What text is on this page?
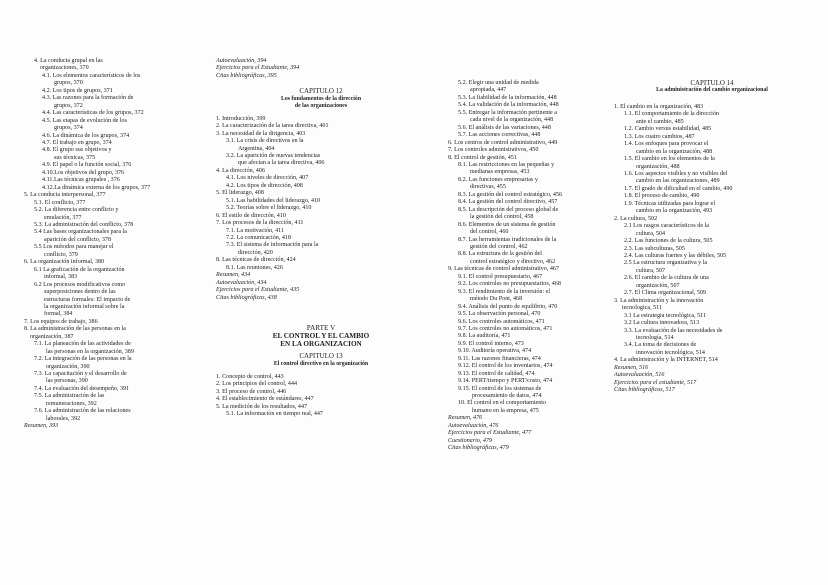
4. La conducta grupal en las
organizaciones, 370
4.1. Los elementos característicos de los
grupos, 370
4.2. Los tipos de grupos, 371
4.3. Las razones para la formación de
grupos, 372
4.4. Las características de los grupos, 372
4.5. Las etapas de evolución de los
grupos, 374
4.6. La dinámica de los grupos, 374
4.7. El trabajo en grupo, 374
4.8. El grupo sus objetivos y
sus técnicas, 375
4.9. El papel o la función social, 376
4.10.Los objetivos del grupo, 376
4.11.Las técnicas grupales , 376
4.12.La dinámica externa de los grupos, 377
5. La conducta interpersonal, 377
5.1. El conflicto, 377
5.2. La diferencia entre conflicto y
emulación, 377
5.3. La administración del conflicto, 378
5.4 Las bases organizacionales para la
aparición del conflicto, 378
5.5 Los métodos para manejar el
conflicto, 379
6. La organización informal, 380
6.1 La graficación de la organización
informal, 383
6.2 Los procesos modificativos como
superposiciones dentro de las
estructuras formales: El impacto de
la organización informal sobre la
formal, 384
7. Los equipos de trabajo, 386
8. La administración de las personas en la
organización, 387
7.1. La planeación de las actividades de
las personas en la organización, 389
7.2. La integración de las personas en la
organización, 390
7.3. La capacitación y el desarrollo de
las personas, 390
7.4. La evaluación del desempeño, 391
7.5. La administración de las
remuneraciones, 392
7.6. La administración de las relaciones
laborales, 392
Resumen, 393
Autoevaluación, 394
Ejercicios para el Estudiante, 394
Citas bibliográficas, 395
CAPITULO 12
Los fundamentos de la dirección
de las organizaciones
1. Introducción, 399
2. La caracterización de la tarea directiva, 401
3. La necesidad de la dirigencia, 403
3.1. La crisis de directivos en la
Argentina, 404
3.2. La aparición de nuevas tendencias
que afectan a la tarea directiva, 406
4. La dirección, 406
4.1. Los niveles de dirección, 407
4.2. Los tipos de dirección, 408
5. El liderazgo, 408
5.1. Las habilidades del liderazgo, 410
5.2. Teorías sobre el liderazgo, 410
6. El estilo de dirección, 410
7. Los procesos de la dirección, 411
7.1. La motivación, 411
7.2. La comunicación, 418
7.3. El sistema de información para la
dirección, 420
8. Las técnicas de dirección, 424
8.1. Las reuniones, 426
Resumen, 434
Autoevaluación, 434
Ejercicios para el Estudiante, 435
Citas bibliográficas, 438
PARTE V
EL CONTROL Y EL CAMBIO
EN LA ORGANIZACION
CAPITULO 13
El control directivo en la organización
1. Concepto de control, 443
2. Los principios del control, 444
3. El proceso de control, 446
4. El establecimiento de estándares, 447
5. La medición de los resultados, 447
5.1. La información en tiempo real, 447
5.2. Elegir una unidad de medida
apropiada, 447
5.3. La fiabilidad de la información, 448
5.4. La validación de la información, 448
5.5. Entregar la información pertinente a
cada nivel de la organización, 448
5.6. El análisis de las variaciones, 448
5.7. Las acciones correctivas, 448
6. Los centros de control administrativo, 449
7. Los controles administrativos, 450
8. El control de gestión, 451
8.1. Las restricciones en las pequeñas y
medianas empresas, 453
8.2. Las funciones empresarias y
directivas, 455
8.3. La gestión del control estratégico, 456
8.4. La gestión del control directivo, 457
8.5. La descripción del proceso global de
la gestión del control, 458
8.6. Elementos de un sistema de gestión
del control, 460
8.7. Las herramientas tradicionales de la
gestión del control, 462
8.8. La estructura de la gestión del
control estratégico y directivo, 462
9. Las técnicas de control administrativo, 467
9.1. El control presupuestario, 467
9.2. Los controles no presupuestarios, 468
9.3. El rendimiento de la inversión: el
método Du Pont, 468
9.4. Análisis del punto de equilibrio, 470
9.5. La observación personal, 470
9.6. Los controles automáticos, 471
9.7. Los controles no automáticos, 471
9.8. La auditoría, 471
9.9. El control interno, 473
9.10. Auditoría operativa, 474
9.11. Las razones financieras, 474
9.12. El control de los inventarios, 474
9.13. El control de calidad, 474
9.14. PERT/tiempo y PERT/costo, 474
9.15. El control de los sistemas de
procesamiento de datos, 474
10. El control en el comportamiento
humano en la empresa, 475
Resumen, 476
Autoevaluación, 476
Ejercicios para el Estudiante, 477
Cuestionario, 479
Citas bibliográficas, 479
CAPITULO 14
La administración del cambio organizacional
1. El cambio en la organización, 483
1.1. El comportamiento de la dirección
ante el cambio, 485
1.2. Cambio versus estabilidad, 485
1.3. Los cuatro cambios, 487
1.4. Los enfoques para provocar el
cambio en la organización, 488
1.5. El cambio en los elementos de la
organización, 488
1.6. Los aspectos visibles y no visibles del
cambio en las organizaciones, 489
1.7. El grado de dificultad en el cambio, 490
1.8. El proceso de cambio, 490
1.9. Técnicas utilizadas para lograr el
cambio en la organización, 493
2. La cultura, 502
2.1 Los rasgos característicos de la
cultura, 504
2.2. Las funciones de la cultura, 505
2.3. Las subculturas, 505
2.4. Las culturas fuertes y las débiles, 505
2.5 La estructura organizativa y la
cultura, 507
2.6. El cambio de la cultura de una
organización, 507
2.7. El Clima organizacional, 509
3. La administración y la innovación
tecnologica, 511
3.1 La estrategia tecnológica, 511
3.2 La cultura innovadora, 513
3.3. La evaluación de las necesidades de
tecnología, 514
3.4. La toma de decisiones de
innovación tecnológica, 514
4. La administración y la INTERNET, 514
Resumen, 516
Autoevaluación, 516
Ejercicios para el estudiante, 517
Citas bibliográficas, 517
